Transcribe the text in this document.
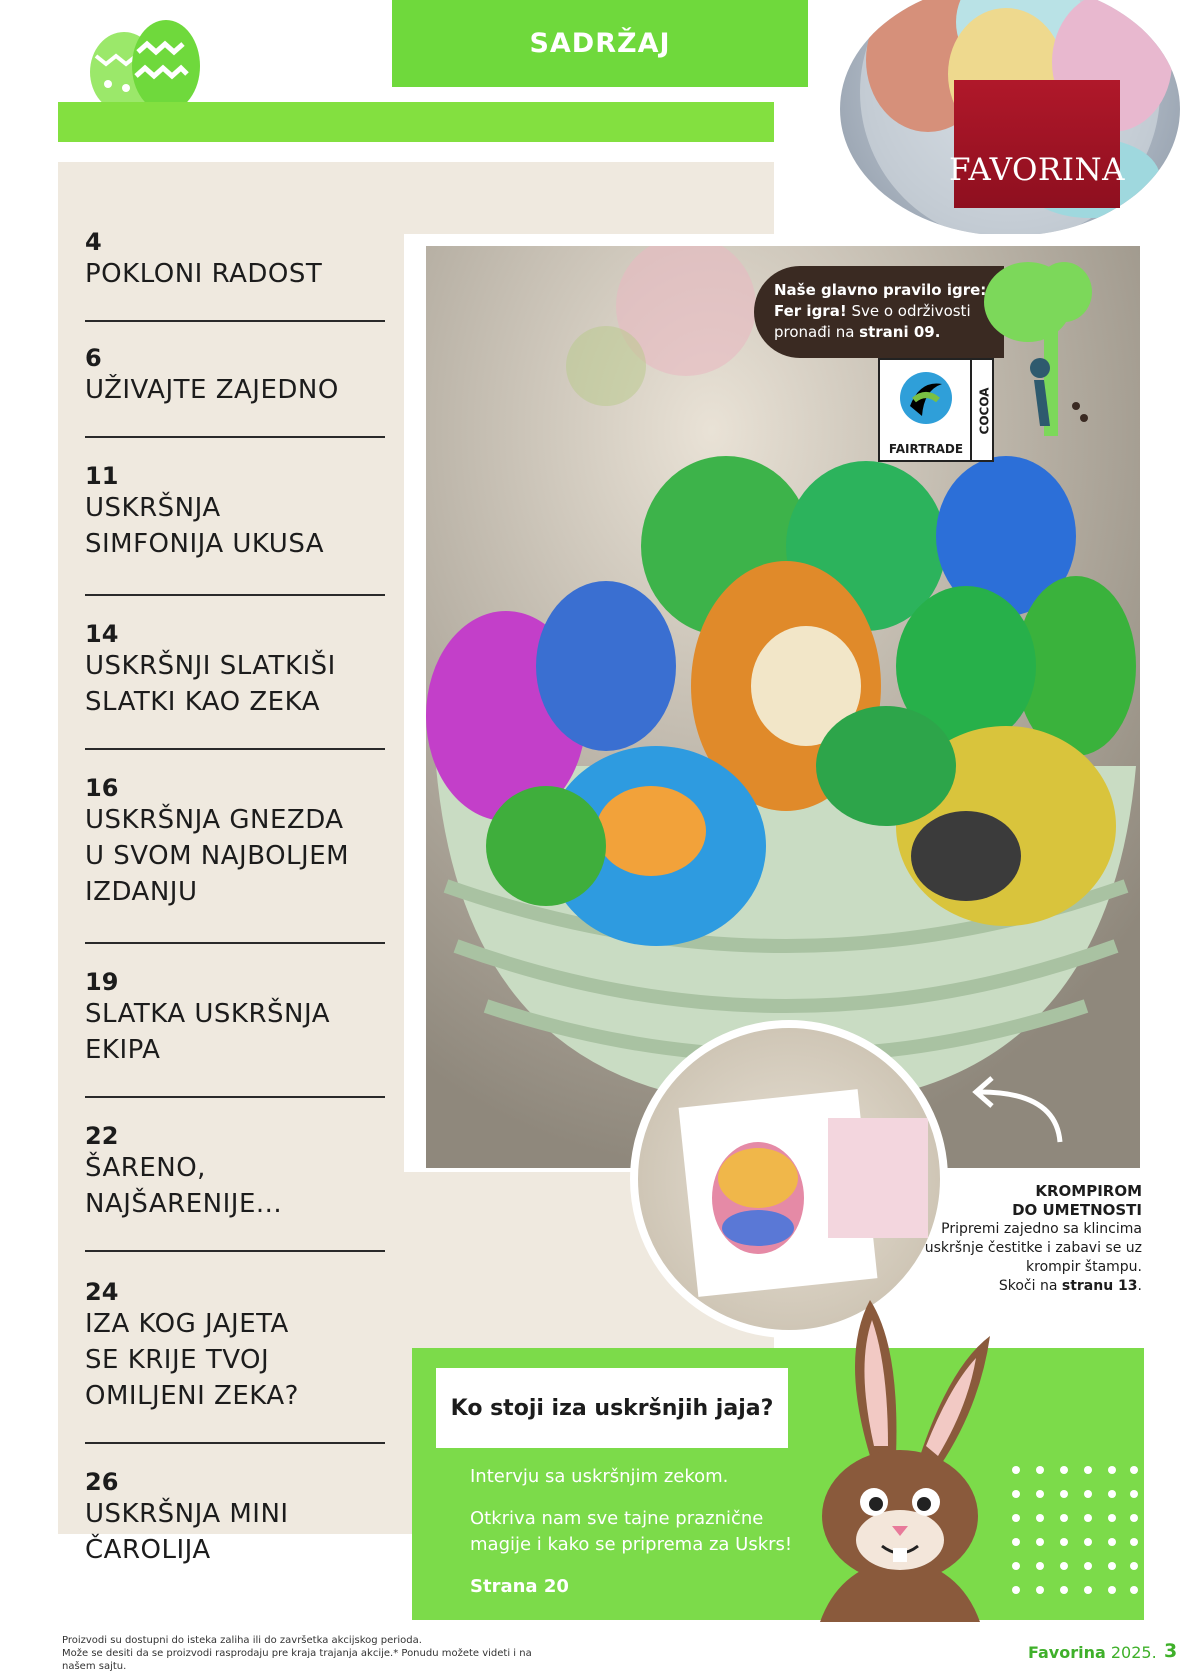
SADRŽAJ
FAVORINA
4
POKLONI RADOST
6
UŽIVAJTE ZAJEDNO
11
USKRŠNJA
SIMFONIJA UKUSA
14
USKRŠNJI SLATKIŠI
SLATKI KAO ZEKA
16
USKRŠNJA GNEZDA
U SVOM NAJBOLJEM
IZDANJU
19
SLATKA USKRŠNJA
EKIPA
22
ŠARENO,
NAJŠARENIJE...
24
IZA KOG JAJETA
SE KRIJE TVOJ
OMILJENI ZEKA?
26
USKRŠNJA MINI
ČAROLIJA
Naše glavno pravilo igre:
Fer igra! Sve o održivosti
pronađi na strani 09.
FAIRTRADE
COCOA
KROMPIROM
DO UMETNOSTI
Pripremi zajedno sa klincima uskršnje čestitke i zabavi se uz krompir štampu.
Skoči na stranu 13.
Ko stoji iza uskršnjih jaja?

Intervju sa uskršnjim zekom.

Otkriva nam sve tajne praznične magije i kako se priprema za Uskrs!

Strana 20

Proizvodi su dostupni do isteka zaliha ili do završetka akcijskog perioda.
Može se desiti da se proizvodi rasprodaju pre kraja trajanja akcije.* Ponudu možete videti i na našem sajtu.
Favorina 2025. 3
